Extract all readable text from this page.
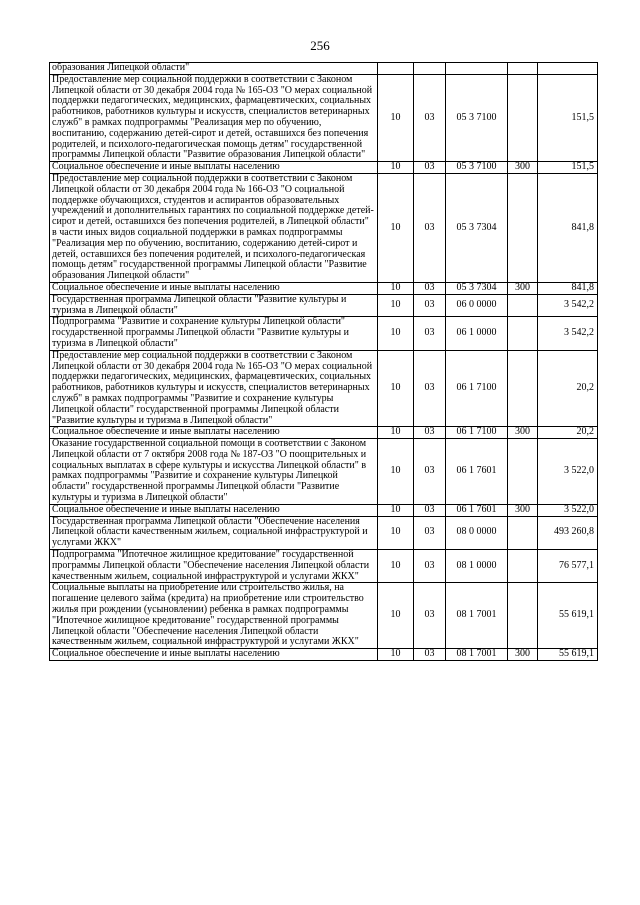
256
образования Липецкой области"					
Предоставление мер социальной поддержки в соответствии с Законом Липецкой области от 30 декабря 2004 года № 165-ОЗ "О мерах социальной поддержки педагогических, медицинских, фармацевтических, социальных работников, работников культуры и искусств, специалистов ветеринарных служб" в рамках подпрограммы "Реализация мер по обучению, воспитанию, содержанию детей-сирот и детей, оставшихся без попечения родителей, и психолого-педагогическая помощь детям" государственной программы Липецкой области "Развитие образования Липецкой области"	10	03	05 3 7100		151,5
Социальное обеспечение и иные выплаты населению	10	03	05 3 7100	300	151,5
Предоставление мер социальной поддержки в соответствии с Законом Липецкой области от 30 декабря 2004 года № 166-ОЗ "О социальной поддержке обучающихся, студентов и аспирантов образовательных учреждений и дополнительных гарантиях по социальной поддержке детей-сирот и детей, оставшихся без попечения родителей, в Липецкой области" в части иных видов социальной поддержки в рамках подпрограммы "Реализация мер по обучению, воспитанию, содержанию детей-сирот и детей, оставшихся без попечения родителей, и психолого-педагогическая помощь детям" государственной программы Липецкой области "Развитие образования Липецкой области"	10	03	05 3 7304		841,8
Социальное обеспечение и иные выплаты населению	10	03	05 3 7304	300	841,8
Государственная программа Липецкой области "Развитие культуры и туризма в Липецкой области"	10	03	06 0 0000		3 542,2
Подпрограмма "Развитие и сохранение культуры Липецкой области" государственной программы Липецкой области "Развитие культуры и туризма в Липецкой области"	10	03	06 1 0000		3 542,2
Предоставление мер социальной поддержки в соответствии с Законом Липецкой области от 30 декабря 2004 года № 165-ОЗ "О мерах социальной поддержки педагогических, медицинских, фармацевтических, социальных работников, работников культуры и искусств, специалистов ветеринарных служб" в рамках подпрограммы "Развитие и сохранение культуры Липецкой области" государственной программы Липецкой области "Развитие культуры и туризма в Липецкой области"	10	03	06 1 7100		20,2
Социальное обеспечение и иные выплаты населению	10	03	06 1 7100	300	20,2
Оказание государственной социальной помощи в соответствии с Законом Липецкой области от 7 октября 2008 года № 187-ОЗ "О поощрительных и социальных выплатах в сфере культуры и искусства Липецкой области" в рамках подпрограммы "Развитие и сохранение культуры Липецкой области" государственной программы Липецкой области "Развитие культуры и туризма в Липецкой области"	10	03	06 1 7601		3 522,0
Социальное обеспечение и иные выплаты населению	10	03	06 1 7601	300	3 522,0
Государственная программа Липецкой области "Обеспечение населения Липецкой области качественным жильем, социальной инфраструктурой и услугами ЖКХ"	10	03	08 0 0000		493 260,8
Подпрограмма "Ипотечное жилищное кредитование" государственной программы Липецкой области "Обеспечение населения Липецкой области качественным жильем, социальной инфраструктурой и услугами ЖКХ"	10	03	08 1 0000		76 577,1
Социальные выплаты на приобретение или строительство жилья, на погашение целевого займа (кредита) на приобретение или строительство жилья при рождении (усыновлении) ребенка в рамках подпрограммы "Ипотечное жилищное кредитование" государственной программы Липецкой области "Обеспечение населения Липецкой области качественным жильем, социальной инфраструктурой и услугами ЖКХ"	10	03	08 1 7001		55 619,1
Социальное обеспечение и иные выплаты населению	10	03	08 1 7001	300	55 619,1
